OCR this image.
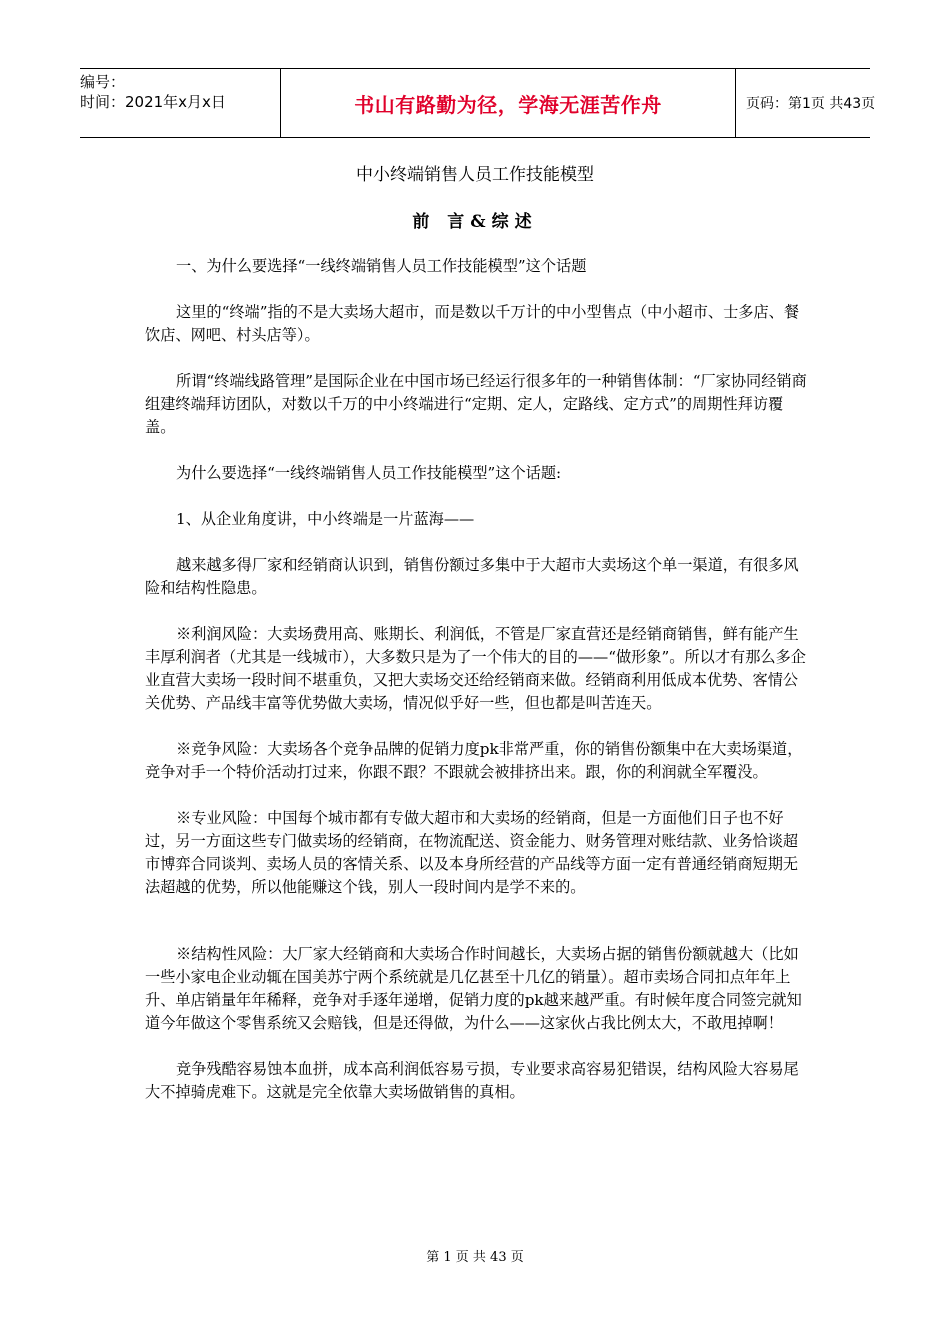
编号：
时间：2021年x月x日	书山有路勤为径，学海无涯苦作舟	页码：第1页 共43页
中小终端销售人员工作技能模型
前 言&综述

一、为什么要选择“一线终端销售人员工作技能模型”这个话题

这里的“终端”指的不是大卖场大超市，而是数以千万计的中小型售点（中小超市、士多店、餐饮店、网吧、村头店等）。

所谓“终端线路管理”是国际企业在中国市场已经运行很多年的一种销售体制：“厂家协同经销商组建终端拜访团队，对数以千万的中小终端进行“定期、定人，定路线、定方式”的周期性拜访覆盖。

为什么要选择“一线终端销售人员工作技能模型”这个话题:

1、从企业角度讲，中小终端是一片蓝海——

越来越多得厂家和经销商认识到，销售份额过多集中于大超市大卖场这个单一渠道，有很多风险和结构性隐患。

※利润风险：大卖场费用高、账期长、利润低，不管是厂家直营还是经销商销售，鲜有能产生丰厚利润者（尤其是一线城市），大多数只是为了一个伟大的目的——“做形象”。所以才有那么多企业直营大卖场一段时间不堪重负，又把大卖场交还给经销商来做。经销商利用低成本优势、客情公关优势、产品线丰富等优势做大卖场，情况似乎好一些，但也都是叫苦连天。

※竞争风险：大卖场各个竞争品牌的促销力度pk非常严重，你的销售份额集中在大卖场渠道，竞争对手一个特价活动打过来，你跟不跟？不跟就会被排挤出来。跟，你的利润就全军覆没。

※专业风险：中国每个城市都有专做大超市和大卖场的经销商，但是一方面他们日子也不好过，另一方面这些专门做卖场的经销商，在物流配送、资金能力、财务管理对账结款、业务恰谈超市博弈合同谈判、卖场人员的客情关系、以及本身所经营的产品线等方面一定有普通经销商短期无法超越的优势，所以他能赚这个钱，别人一段时间内是学不来的。

※结构性风险：大厂家大经销商和大卖场合作时间越长，大卖场占据的销售份额就越大（比如一些小家电企业动辄在国美苏宁两个系统就是几亿甚至十几亿的销量）。超市卖场合同扣点年年上升、单店销量年年稀释，竞争对手逐年递增，促销力度的pk越来越严重。有时候年度合同签完就知道今年做这个零售系统又会赔钱，但是还得做，为什么——这家伙占我比例太大，不敢甩掉啊！

竞争残酷容易蚀本血拼，成本高利润低容易亏损，专业要求高容易犯错误，结构风险大容易尾大不掉骑虎难下。这就是完全依靠大卖场做销售的真相。

第 1 页 共 43 页
